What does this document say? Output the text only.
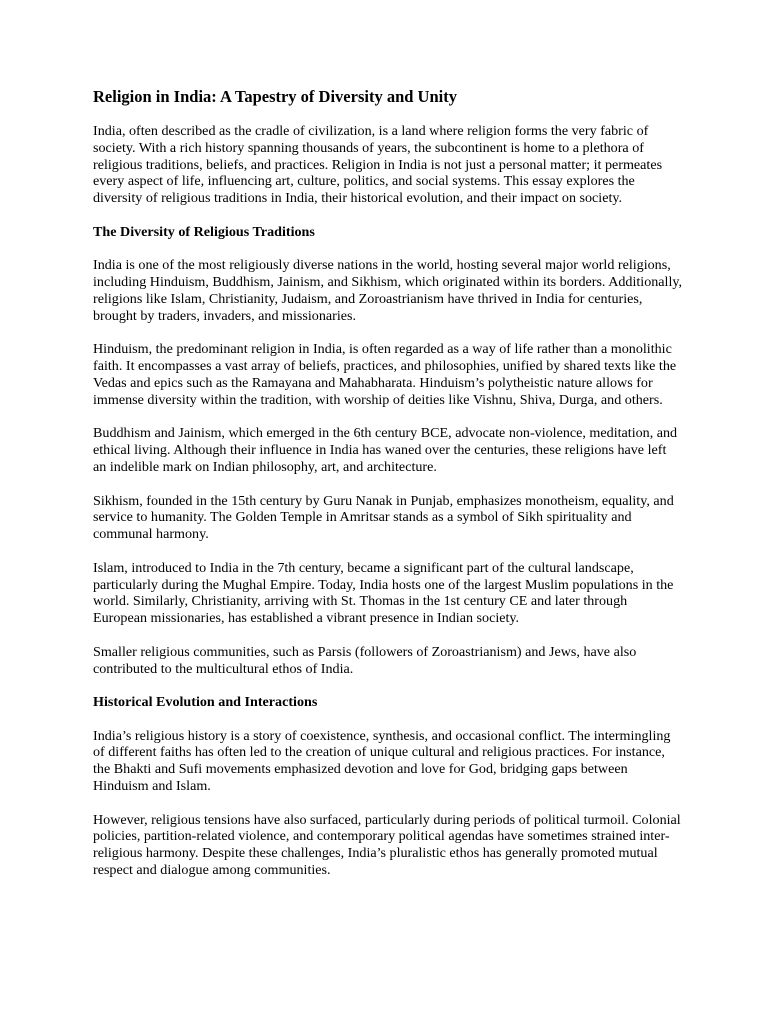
Religion in India: A Tapestry of Diversity and Unity

India, often described as the cradle of civilization, is a land where religion forms the very fabric of society. With a rich history spanning thousands of years, the subcontinent is home to a plethora of religious traditions, beliefs, and practices. Religion in India is not just a personal matter; it permeates every aspect of life, influencing art, culture, politics, and social systems. This essay explores the diversity of religious traditions in India, their historical evolution, and their impact on society.

The Diversity of Religious Traditions

India is one of the most religiously diverse nations in the world, hosting several major world religions, including Hinduism, Buddhism, Jainism, and Sikhism, which originated within its borders. Additionally, religions like Islam, Christianity, Judaism, and Zoroastrianism have thrived in India for centuries, brought by traders, invaders, and missionaries.

Hinduism, the predominant religion in India, is often regarded as a way of life rather than a monolithic faith. It encompasses a vast array of beliefs, practices, and philosophies, unified by shared texts like the Vedas and epics such as the Ramayana and Mahabharata. Hinduism’s polytheistic nature allows for immense diversity within the tradition, with worship of deities like Vishnu, Shiva, Durga, and others.

Buddhism and Jainism, which emerged in the 6th century BCE, advocate non-violence, meditation, and ethical living. Although their influence in India has waned over the centuries, these religions have left an indelible mark on Indian philosophy, art, and architecture.

Sikhism, founded in the 15th century by Guru Nanak in Punjab, emphasizes monotheism, equality, and service to humanity. The Golden Temple in Amritsar stands as a symbol of Sikh spirituality and communal harmony.

Islam, introduced to India in the 7th century, became a significant part of the cultural landscape, particularly during the Mughal Empire. Today, India hosts one of the largest Muslim populations in the world. Similarly, Christianity, arriving with St. Thomas in the 1st century CE and later through European missionaries, has established a vibrant presence in Indian society.

Smaller religious communities, such as Parsis (followers of Zoroastrianism) and Jews, have also contributed to the multicultural ethos of India.

Historical Evolution and Interactions

India’s religious history is a story of coexistence, synthesis, and occasional conflict. The intermingling of different faiths has often led to the creation of unique cultural and religious practices. For instance, the Bhakti and Sufi movements emphasized devotion and love for God, bridging gaps between Hinduism and Islam.

However, religious tensions have also surfaced, particularly during periods of political turmoil. Colonial policies, partition-related violence, and contemporary political agendas have sometimes strained inter-religious harmony. Despite these challenges, India’s pluralistic ethos has generally promoted mutual respect and dialogue among communities.
